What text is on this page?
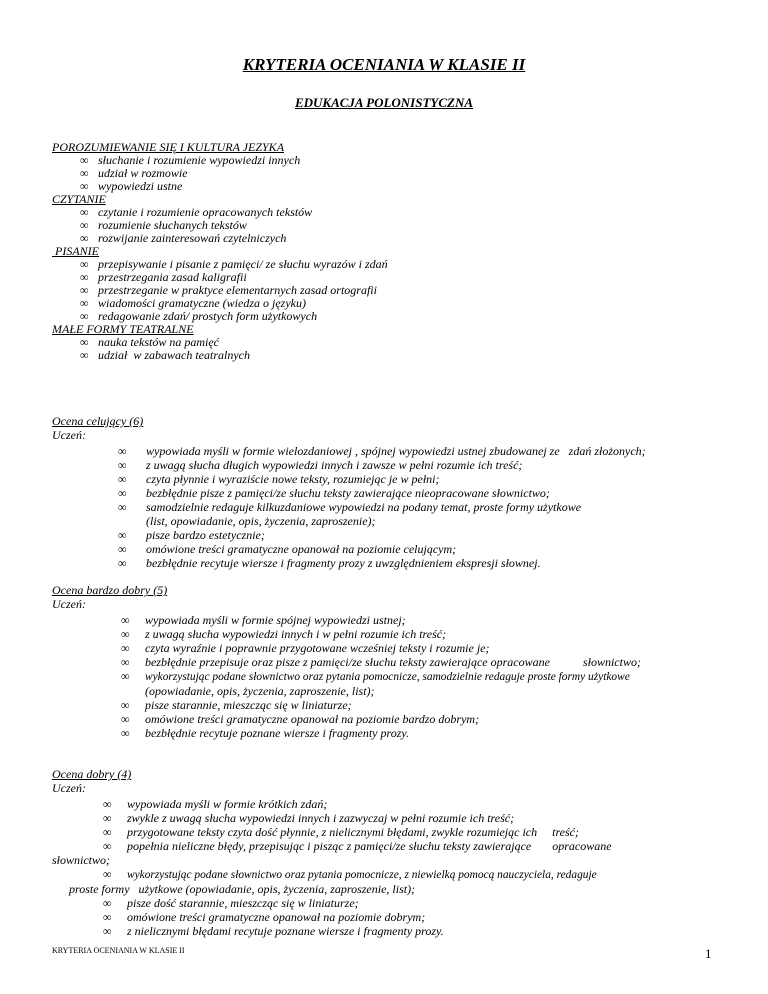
KRYTERIA OCENIANIA W KLASIE II
EDUKACJA POLONISTYCZNA
POROZUMIEWANIE SIĘ I KULTURA JEZYKA
∞ słuchanie i rozumienie wypowiedzi innych
∞ udział w rozmowie
∞ wypowiedzi ustne
CZYTANIE
∞ czytanie i rozumienie opracowanych tekstów
∞ rozumienie słuchanych tekstów
∞ rozwijanie zainteresowań czytelniczych
PISANIE
∞ przepisywanie i pisanie z pamięci/ ze słuchu wyrazów i zdań
∞ przestrzegania zasad kaligrafii
∞ przestrzeganie w praktyce elementarnych zasad ortografii
∞ wiadomości gramatyczne (wiedza o języku)
∞ redagowanie zdań/ prostych form użytkowych
MAŁE FORMY TEATRALNE
∞ nauka tekstów na pamięć
∞ udział  w zabawach teatralnych
Ocena celujący (6)
Uczeń:
∞ wypowiada myśli w formie wielozdaniowej , spójnej wypowiedzi ustnej zbudowanej ze   zdań złożonych;
∞ z uwagą słucha długich wypowiedzi innych i zawsze w pełni rozumie ich treść;
∞ czyta płynnie i wyraziście nowe teksty, rozumiejąc je w pełni;
∞ bezbłędnie pisze z pamięci/ze słuchu teksty zawierające nieopracowane słownictwo;
∞ samodzielnie redaguje kilkuzdaniowe wypowiedzi na podany temat, proste formy użytkowe
(list, opowiadanie, opis, życzenia, zaproszenie);
∞ pisze bardzo estetycznie;
∞ omówione treści gramatyczne opanował na poziomie celującym;
∞ bezbłędnie recytuje wiersze i fragmenty prozy z uwzględnieniem ekspresji słownej.
Ocena bardzo dobry (5)
Uczeń:
∞ wypowiada myśli w formie spójnej wypowiedzi ustnej;
∞ z uwagą słucha wypowiedzi innych i w pełni rozumie ich treść;
∞ czyta wyraźnie i poprawnie przygotowane wcześniej teksty i rozumie je;
∞ bezbłędnie przepisuje oraz pisze z pamięci/ze słuchu teksty zawierające opracowane           słownictwo;
∞ wykorzystując podane słownictwo oraz pytania pomocnicze, samodzielnie redaguje proste formy użytkowe
(opowiadanie, opis, życzenia, zaproszenie, list);
∞ pisze starannie, mieszcząc się w liniaturze;
∞ omówione treści gramatyczne opanował na poziomie bardzo dobrym;
∞ bezbłędnie recytuje poznane wiersze i fragmenty prozy.
Ocena dobry (4)
Uczeń:
∞ wypowiada myśli w formie krótkich zdań;
∞ zwykle z uwagą słucha wypowiedzi innych i zazwyczaj w pełni rozumie ich treść;
∞ przygotowane teksty czyta dość płynnie, z nielicznymi błędami, zwykle rozumiejąc ich     treść;
∞ popełnia nieliczne błędy, przepisując i pisząc z pamięci/ze słuchu teksty zawierające       opracowane
słownictwo;
∞ wykorzystując podane słownictwo oraz pytania pomocnicze, z niewielką pomocą nauczyciela, redaguje
proste formy   użytkowe (opowiadanie, opis, życzenia, zaproszenie, list);
∞ pisze dość starannie, mieszcząc się w liniaturze;
∞ omówione treści gramatyczne opanował na poziomie dobrym;
∞ z nielicznymi błędami recytuje poznane wiersze i fragmenty prozy.
KRYTERIA OCENIANIA W KLASIE II	1
